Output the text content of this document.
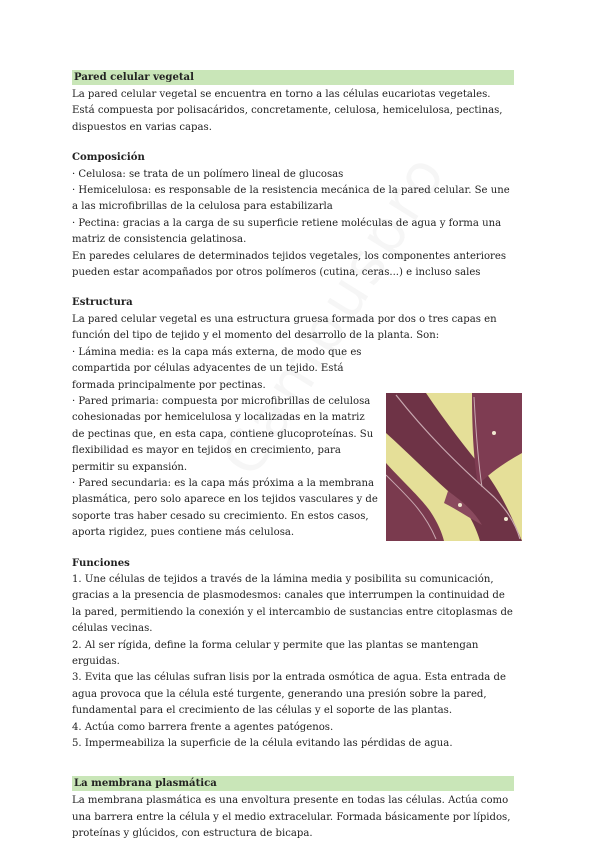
Pared celular vegetal

La pared celular vegetal se encuentra en torno a las células eucariotas vegetales. Está compuesta por polisacáridos, concretamente, celulosa, hemicelulosa, pectinas, dispuestos en varias capas.

Composición

· Celulosa: se trata de un polímero lineal de glucosas

· Hemicelulosa: es responsable de la resistencia mecánica de la pared celular. Se une a las microfibrillas de la celulosa para estabilizarla

· Pectina: gracias a la carga de su superficie retiene moléculas de agua y forma una matriz de consistencia gelatinosa.

En paredes celulares de determinados tejidos vegetales, los componentes anteriores pueden estar acompañados por otros polímeros (cutina, ceras...) e incluso sales

Estructura

La pared celular vegetal es una estructura gruesa formada por dos o tres capas en función del tipo de tejido y el momento del desarrollo de la planta. Son:

· Lámina media: es la capa más externa, de modo que es compartida por células adyacentes de un tejido. Está formada principalmente por pectinas.

· Pared primaria: compuesta por microfibrillas de celulosa cohesionadas por hemicelulosa y localizadas en la matriz de pectinas que, en esta capa, contiene glucoproteínas. Su flexibilidad es mayor en tejidos en crecimiento, para permitir su expansión.

· Pared secundaria: es la capa más próxima a la membrana plasmática, pero solo aparece en los tejidos vasculares y de soporte tras haber cesado su crecimiento. En estos casos, aporta rigidez, pues contiene más celulosa.

Funciones

1. Une células de tejidos a través de la lámina media y posibilita su comunicación, gracias a la presencia de plasmodesmos: canales que interrumpen la continuidad de la pared, permitiendo la conexión y el intercambio de sustancias entre citoplasmas de células vecinas.

2. Al ser rígida, define la forma celular y permite que las plantas se mantengan erguidas.

3. Evita que las células sufran lisis por la entrada osmótica de agua. Esta entrada de agua provoca que la célula esté turgente, generando una presión sobre la pared, fundamental para el crecimiento de las células y el soporte de las plantas.

4. Actúa como barrera frente a agentes patógenos.

5. Impermeabiliza la superficie de la célula evitando las pérdidas de agua.

La membrana plasmática

La membrana plasmática es una envoltura presente en todas las células. Actúa como una barrera entre la célula y el medio extracelular. Formada básicamente por lípidos, proteínas y glúcidos, con estructura de bicapa.
